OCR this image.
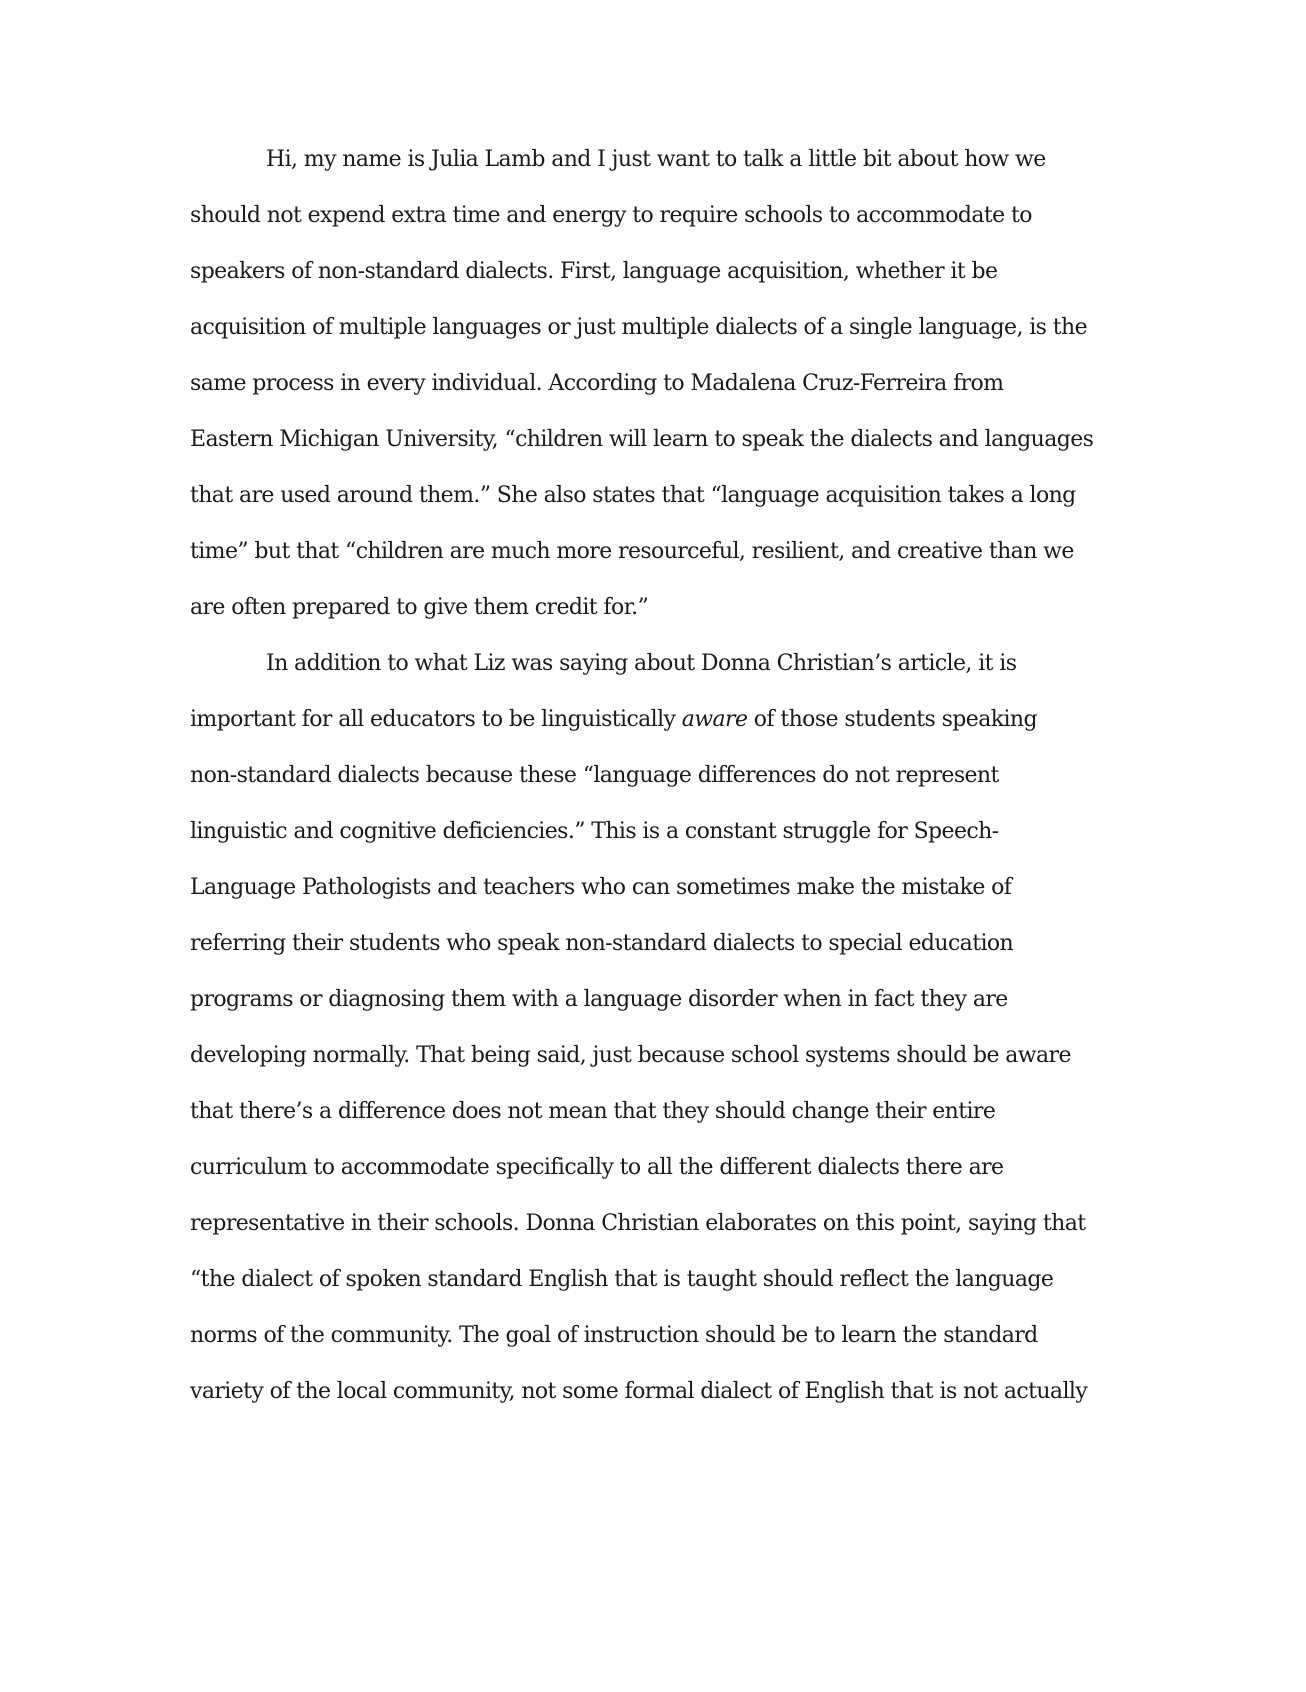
Hi, my name is Julia Lamb and I just want to talk a little bit about how we
should not expend extra time and energy to require schools to accommodate to
speakers of non-standard dialects. First, language acquisition, whether it be
acquisition of multiple languages or just multiple dialects of a single language, is the
same process in every individual. According to Madalena Cruz-Ferreira from
Eastern Michigan University, “children will learn to speak the dialects and languages
that are used around them.” She also states that “language acquisition takes a long
time” but that “children are much more resourceful, resilient, and creative than we
are often prepared to give them credit for.”
In addition to what Liz was saying about Donna Christian’s article, it is
important for all educators to be linguistically aware of those students speaking
non-standard dialects because these “language differences do not represent
linguistic and cognitive deficiencies.” This is a constant struggle for Speech-
Language Pathologists and teachers who can sometimes make the mistake of
referring their students who speak non-standard dialects to special education
programs or diagnosing them with a language disorder when in fact they are
developing normally. That being said, just because school systems should be aware
that there’s a difference does not mean that they should change their entire
curriculum to accommodate specifically to all the different dialects there are
representative in their schools. Donna Christian elaborates on this point, saying that
“the dialect of spoken standard English that is taught should reflect the language
norms of the community. The goal of instruction should be to learn the standard
variety of the local community, not some formal dialect of English that is not actually
